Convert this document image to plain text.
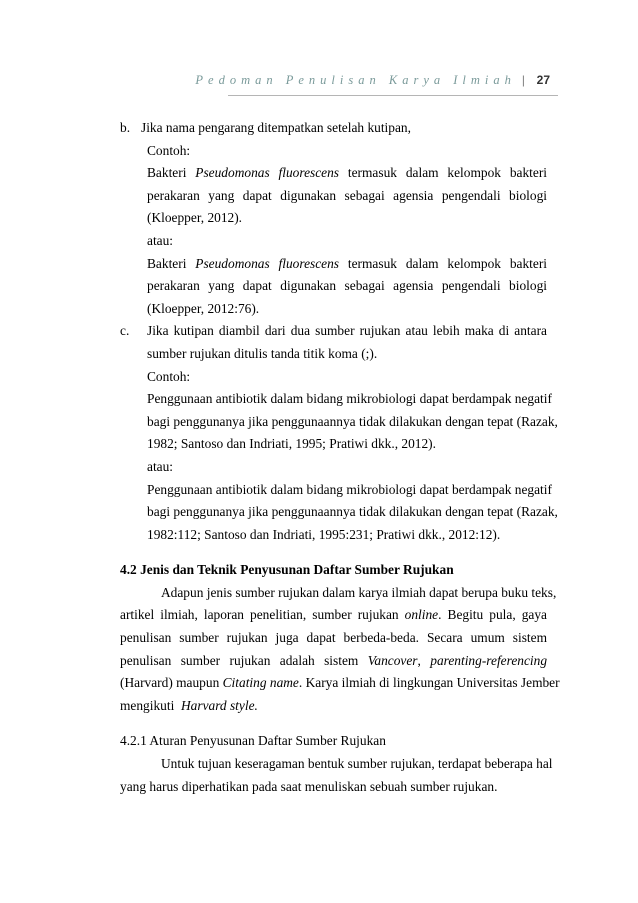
Pedoman Penulisan Karya Ilmiah | 27
b. Jika nama pengarang ditempatkan setelah kutipan,
Contoh:
Bakteri Pseudomonas fluorescens termasuk dalam kelompok bakteri
perakaran yang dapat digunakan sebagai agensia pengendali biologi
(Kloepper, 2012).
atau:
Bakteri Pseudomonas fluorescens termasuk dalam kelompok bakteri
perakaran yang dapat digunakan sebagai agensia pengendali biologi
(Kloepper, 2012:76).
c.	Jika kutipan diambil dari dua sumber rujukan atau lebih maka di antara
sumber rujukan ditulis tanda titik koma (;).
Contoh:
Penggunaan antibiotik dalam bidang mikrobiologi dapat berdampak negatif
bagi penggunanya jika penggunaannya tidak dilakukan dengan tepat (Razak,
1982; Santoso dan Indriati, 1995; Pratiwi dkk., 2012).
atau:
Penggunaan antibiotik dalam bidang mikrobiologi dapat berdampak negatif
bagi penggunanya jika penggunaannya tidak dilakukan dengan tepat (Razak,
1982:112; Santoso dan Indriati, 1995:231; Pratiwi dkk., 2012:12).
4.2 Jenis dan Teknik Penyusunan Daftar Sumber Rujukan
Adapun jenis sumber rujukan dalam karya ilmiah dapat berupa buku teks,
artikel ilmiah, laporan penelitian, sumber rujukan online. Begitu pula, gaya
penulisan sumber rujukan juga dapat berbeda-beda. Secara umum sistem
penulisan sumber rujukan adalah sistem Vancover, parenting-referencing
(Harvard) maupun Citating name. Karya ilmiah di lingkungan Universitas Jember
mengikuti  Harvard style.
4.2.1 Aturan Penyusunan Daftar Sumber Rujukan
Untuk tujuan keseragaman bentuk sumber rujukan, terdapat beberapa hal
yang harus diperhatikan pada saat menuliskan sebuah sumber rujukan.
